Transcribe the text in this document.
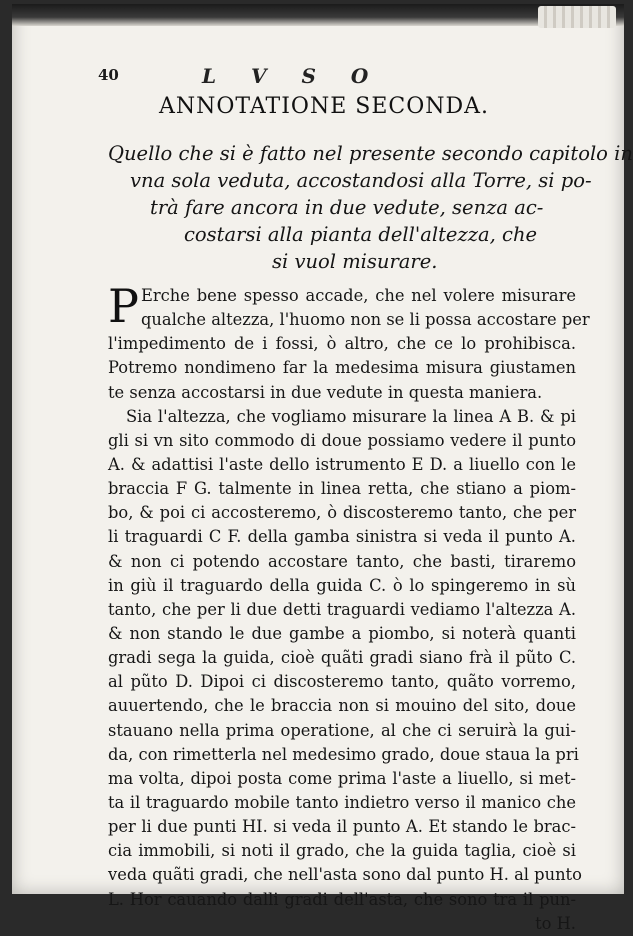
40	L V S O
ANNOTATIONE SECONDA.
Quello che si è fatto nel presente secondo capitolo in
vna sola veduta, accostandosi alla Torre, si po-
trà fare ancora in due vedute, senza ac-
costarsi alla pianta dell'altezza, che
si vuol misurare.
P Erche bene spesso accade, che nel volere misurare
qualche altezza, l'huomo non se li possa accostare per
l'impedimento de i fossi, ò altro, che ce lo prohibisca.
Potremo nondimeno far la medesima misura giustamen
te senza accostarsi in due vedute in questa maniera.
Sia l'altezza, che vogliamo misurare la linea A B. & pi
gli si vn sito commodo di doue possiamo vedere il punto
A. & adattisi l'aste dello istrumento E D. a liuello con le
braccia F G. talmente in linea retta, che stiano a piom-
bo, & poi ci accosteremo, ò discosteremo tanto, che per
li traguardi C F. della gamba sinistra si veda il punto A.
& non ci potendo accostare tanto, che basti, tiraremo
in giù il traguardo della guida C. ò lo spingeremo in sù
tanto, che per li due detti traguardi vediamo l'altezza A.
& non stando le due gambe a piombo, si noterà quanti
gradi sega la guida, cioè quãti gradi siano frà il pũto C.
al pũto D. Dipoi ci discosteremo tanto, quãto vorremo,
auuertendo, che le braccia non si mouino del sito, doue
stauano nella prima operatione, al che ci seruirà la gui-
da, con rimetterla nel medesimo grado, doue staua la pri
ma volta, dipoi posta come prima l'aste a liuello, si met-
ta il traguardo mobile tanto indietro verso il manico che
per li due punti HI. si veda il punto A. Et stando le brac-
cia immobili, si noti il grado, che la guida taglia, cioè si
veda quãti gradi, che nell'asta sono dal punto H. al punto
L. Hor cauando dalli gradi dell'asta, che sono tra il pun-
to H.
